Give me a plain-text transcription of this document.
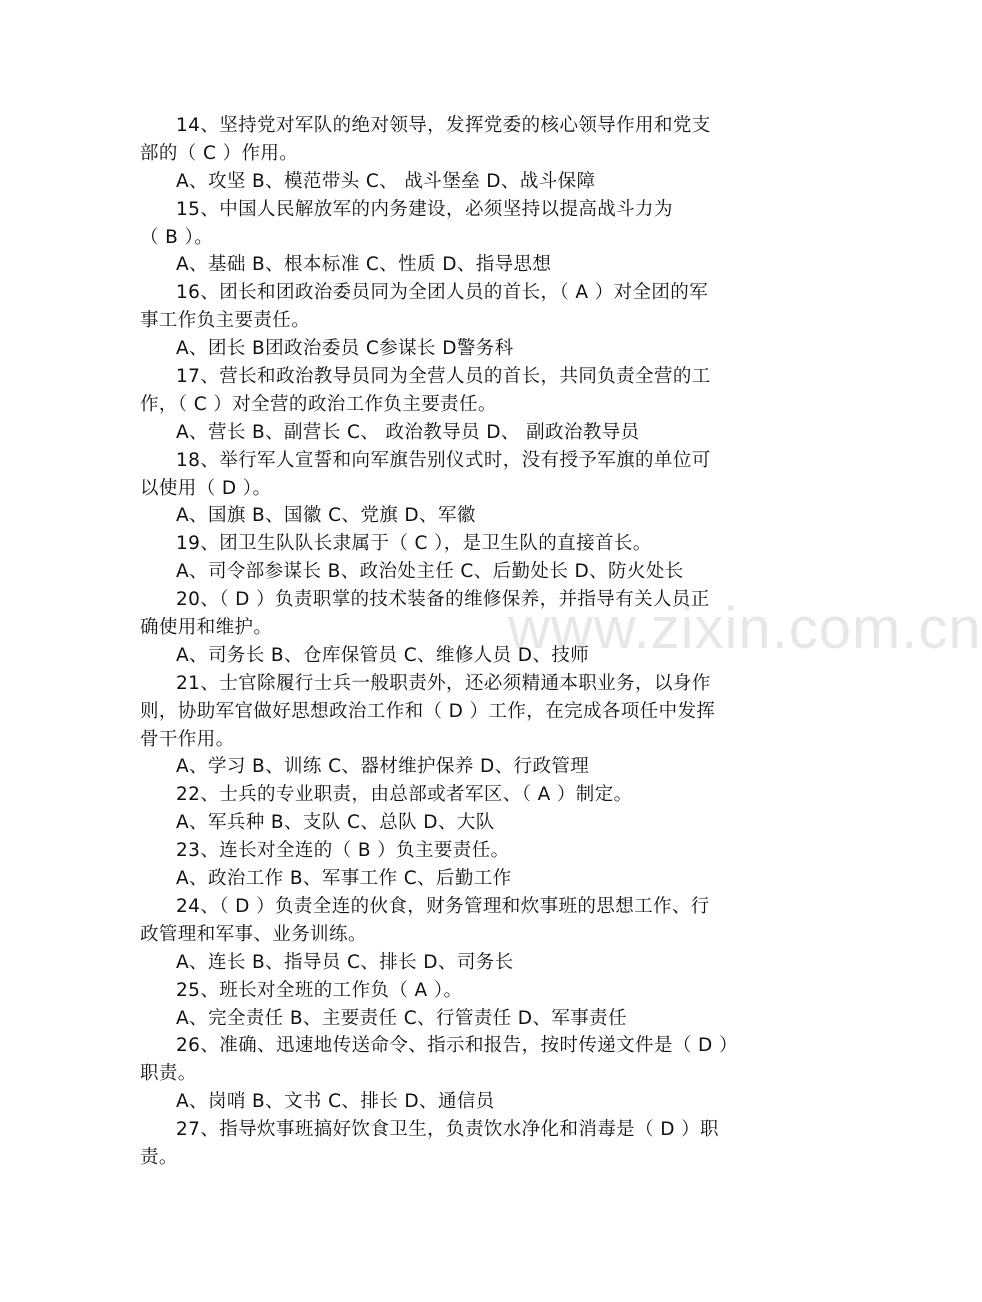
14、坚持党对军队的绝对领导，发挥党委的核心领导作用和党支
部的（ C ）作用。
A、攻坚 B、模范带头 C、 战斗堡垒 D、战斗保障
15、中国人民解放军的内务建设，必须坚持以提高战斗力为
（ B ）。
A、基础 B、根本标准 C、性质 D、指导思想
16、团长和团政治委员同为全团人员的首长，（ A ）对全团的军
事工作负主要责任。
A、团长 B团政治委员 C参谋长 D警务科
17、营长和政治教导员同为全营人员的首长，共同负责全营的工
作，（ C ）对全营的政治工作负主要责任。
A、营长 B、副营长 C、 政治教导员 D、 副政治教导员
18、举行军人宣誓和向军旗告别仪式时，没有授予军旗的单位可
以使用（ D ）。
A、国旗 B、国徽 C、党旗 D、军徽
19、团卫生队队长隶属于（ C ），是卫生队的直接首长。
A、司令部参谋长 B、政治处主任 C、后勤处长 D、防火处长
20、（ D ）负责职掌的技术装备的维修保养，并指导有关人员正
确使用和维护。
A、司务长 B、仓库保管员 C、维修人员 D、技师
21、士官除履行士兵一般职责外，还必须精通本职业务，以身作
则，协助军官做好思想政治工作和（ D ）工作，在完成各项任中发挥
骨干作用。
A、学习 B、训练 C、器材维护保养 D、行政管理
22、士兵的专业职责，由总部或者军区、（ A ）制定。
A、军兵种 B、支队 C、总队 D、大队
23、连长对全连的（ B ）负主要责任。
A、政治工作 B、军事工作 C、后勤工作
24、（ D ）负责全连的伙食，财务管理和炊事班的思想工作、行
政管理和军事、业务训练。
A、连长 B、指导员 C、排长 D、司务长
25、班长对全班的工作负（ A ）。
A、完全责任 B、主要责任 C、行管责任 D、军事责任
26、准确、迅速地传送命令、指示和报告，按时传递文件是（ D ）
职责。
A、岗哨 B、文书 C、排长 D、通信员
27、指导炊事班搞好饮食卫生，负责饮水净化和消毒是（ D ）职
责。
www.zixin.com.cn
